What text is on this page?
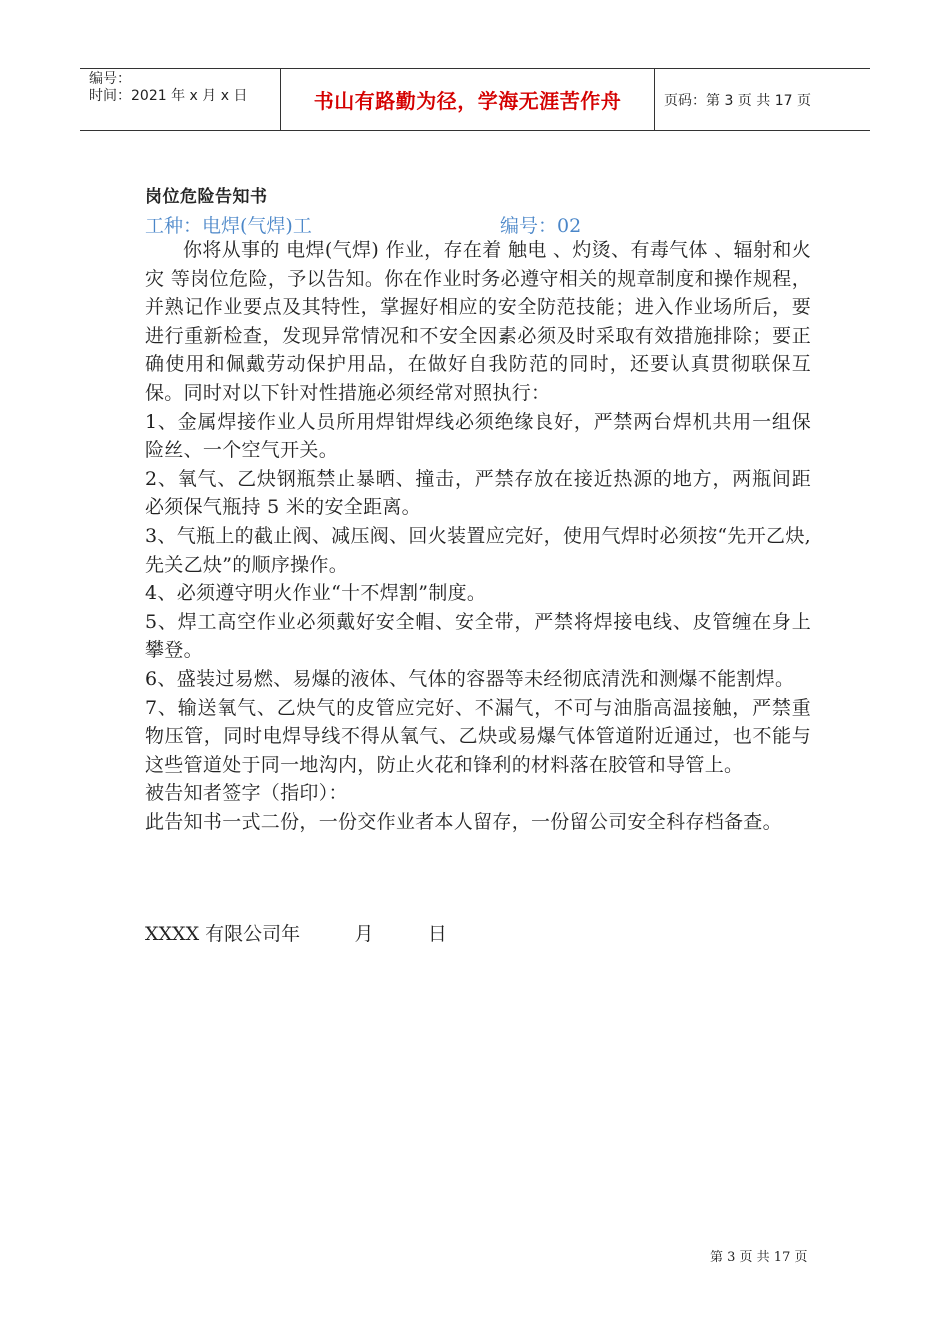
编号：
时间：2021 年 x 月 x 日	书山有路勤为径，学海无涯苦作舟	页码：第 3 页 共 17 页
岗位危险告知书
工种：电焊(气焊)工	编号：02

你将从事的 电焊(气焊) 作业，存在着 触电 、灼烫、有毒气体 、辐射和火灾 等岗位危险，予以告知。你在作业时务必遵守相关的规章制度和操作规程，并熟记作业要点及其特性，掌握好相应的安全防范技能；进入作业场所后，要进行重新检查，发现异常情况和不安全因素必须及时采取有效措施排除；要正确使用和佩戴劳动保护用品，在做好自我防范的同时，还要认真贯彻联保互保。同时对以下针对性措施必须经常对照执行：

1、金属焊接作业人员所用焊钳焊线必须绝缘良好，严禁两台焊机共用一组保险丝、一个空气开关。

2、氧气、乙炔钢瓶禁止暴晒、撞击，严禁存放在接近热源的地方，两瓶间距必须保气瓶持 5 米的安全距离。

3、气瓶上的截止阀、减压阀、回火装置应完好，使用气焊时必须按“先开乙炔,先关乙炔”的顺序操作。

4、必须遵守明火作业“十不焊割”制度。

5、焊工高空作业必须戴好安全帽、安全带，严禁将焊接电线、皮管缠在身上攀登。

6、盛装过易燃、易爆的液体、气体的容器等未经彻底清洗和测爆不能割焊。

7、输送氧气、乙炔气的皮管应完好、不漏气，不可与油脂高温接触，严禁重物压管，同时电焊导线不得从氧气、乙炔或易爆气体管道附近通过，也不能与这些管道处于同一地沟内，防止火花和锋利的材料落在胶管和导管上。

被告知者签字（指印）：

此告知书一式二份，一份交作业者本人留存，一份留公司安全科存档备查。

XXXX 有限公司年         月         日
第 3 页 共 17 页
